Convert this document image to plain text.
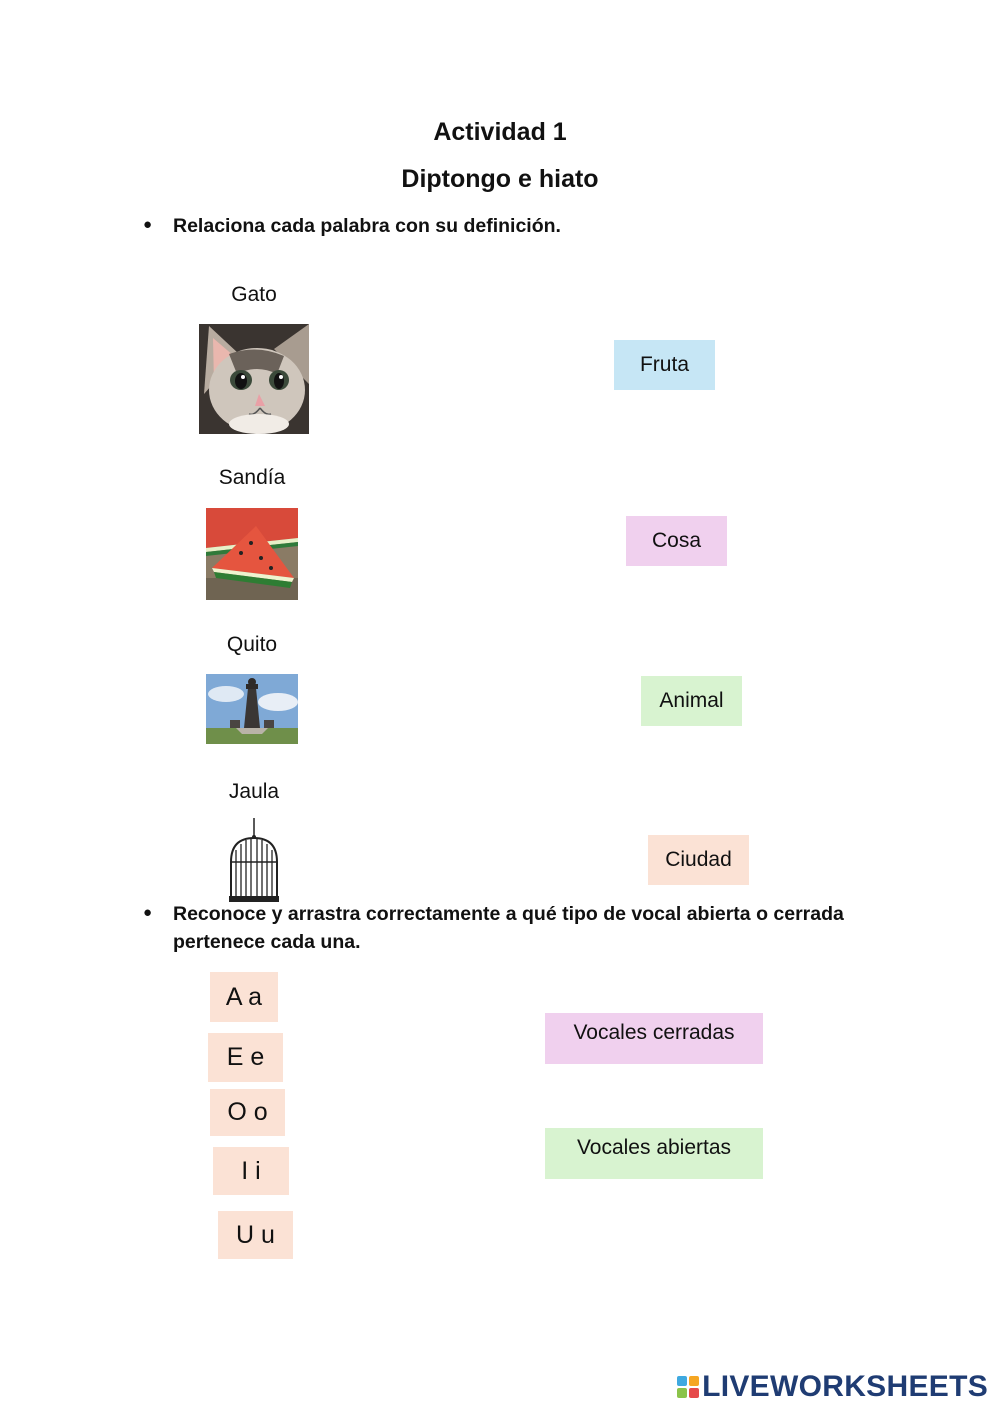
Actividad 1
Diptongo e hiato
● Relaciona cada palabra con su definición.
Gato
Sandía
Quito
Jaula
Fruta
Cosa
Animal
Ciudad
● Reconoce y arrastra correctamente a qué tipo de vocal abierta o cerrada pertenece cada una.
A a
E e
O o
I i
U u
Vocales cerradas
Vocales abiertas
LIVEWORKSHEETS
